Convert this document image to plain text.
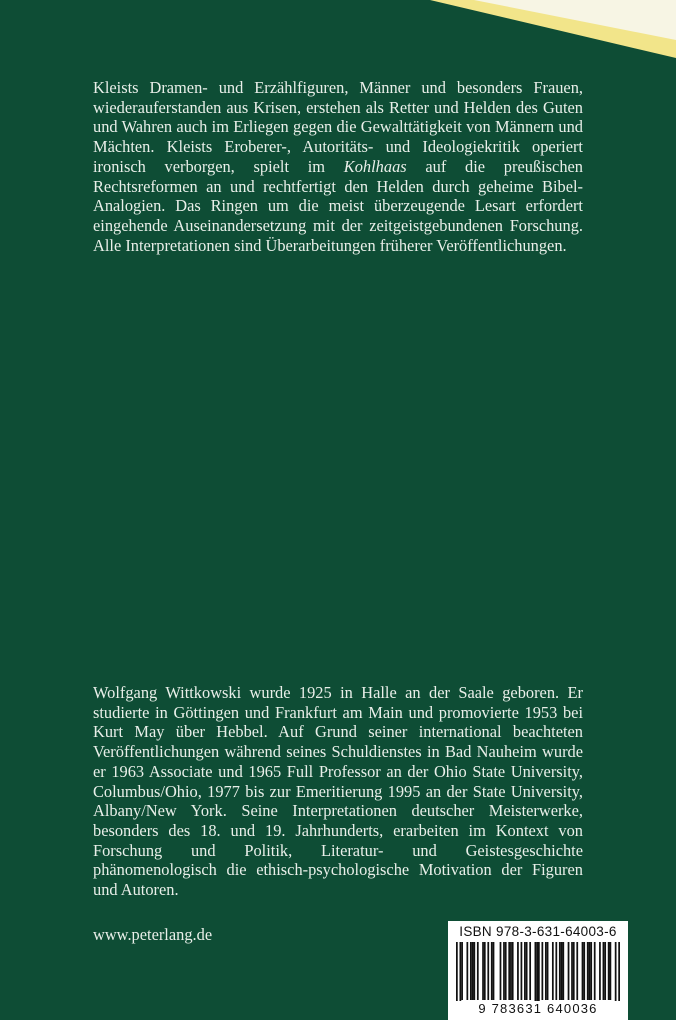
Kleists Dramen- und Erzählfiguren, Männer und besonders Frauen, wiederauferstanden aus Krisen, erstehen als Retter und Helden des Guten und Wahren auch im Erliegen gegen die Gewalttätigkeit von Männern und Mächten. Kleists Eroberer-, Autoritäts- und Ideologiekritik operiert ironisch verborgen, spielt im Kohlhaas auf die preußischen Rechtsreformen an und rechtfertigt den Helden durch geheime Bibel-Analogien. Das Ringen um die meist überzeugende Lesart erfordert eingehende Auseinandersetzung mit der zeitgeistgebundenen Forschung. Alle Interpretationen sind Überarbeitungen früherer Veröffentlichungen.

Wolfgang Wittkowski wurde 1925 in Halle an der Saale geboren. Er studierte in Göttingen und Frankfurt am Main und promovierte 1953 bei Kurt May über Hebbel. Auf Grund seiner international beachteten Veröffentlichungen während seines Schuldienstes in Bad Nauheim wurde er 1963 Associate und 1965 Full Professor an der Ohio State University, Columbus/Ohio, 1977 bis zur Emeritierung 1995 an der State University, Albany/New York. Seine Interpretationen deutscher Meisterwerke, besonders des 18. und 19. Jahrhunderts, erarbeiten im Kontext von Forschung und Politik, Literatur- und Geistesgeschichte phänomenologisch die ethisch-psychologische Motivation der Figuren und Autoren.

www.peterlang.de	ISBN 978-3-631-64003-6
9 783631 640036
